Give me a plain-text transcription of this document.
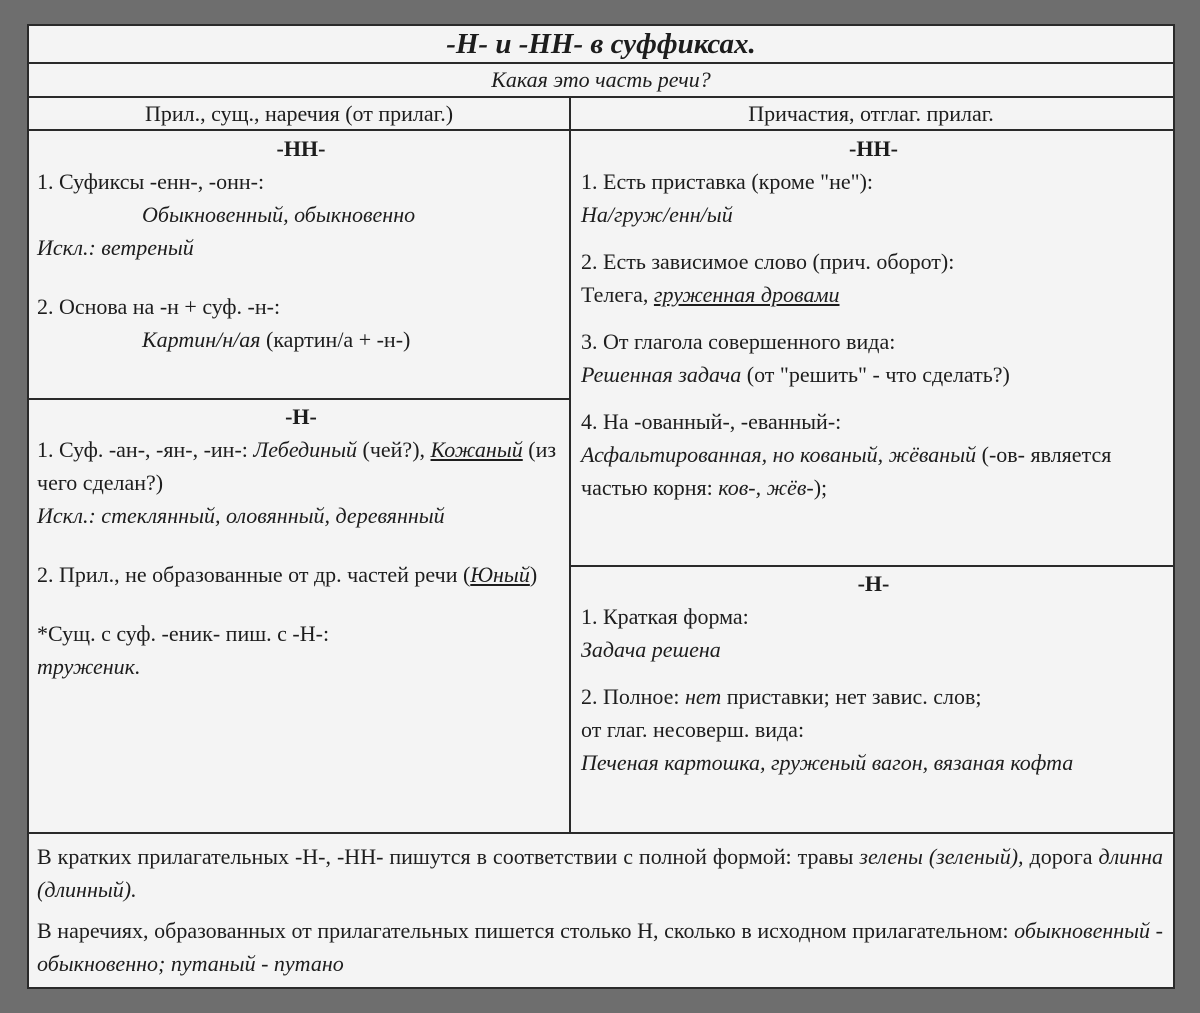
-Н- и -НН- в суффиксах.
Какая это часть речи?
Прил., сущ., наречия (от прилаг.)	Причастия, отглаг. прилаг.

-НН-

1. Суфиксы -енн-, -онн-:

Обыкновенный, обыкновенно

Искл.: ветреный

2. Основа на -н + суф. -н-:

Картин/н/ая (картин/а + -н-)

-Н-

1. Суф. -ан-, -ян-, -ин-: Лебединый (чей?), Кожаный (из чего сделан?)

Искл.: стеклянный, оловянный, деревянный

2. Прил., не образованные от др. частей речи (Юный)

*Сущ. с суф. -еник- пиш. с -Н-:

труженик.

-НН-

1. Есть приставка (кроме "не"):

На/груж/енн/ый

2. Есть зависимое слово (прич. оборот):

Телега, груженная дровами

3. От глагола совершенного вида:

Решенная задача (от "решить" - что сделать?)

4. На -ованный-, -еванный-:

Асфальтированная, но кованый, жёваный (-ов- является частью корня: ков-, жёв-);

-Н-

1. Краткая форма:

Задача решена

2. Полное: нет приставки; нет завис. слов;

от глаг. несоверш. вида:

Печеная картошка, груженый вагон, вязаная кофта

В кратких прилагательных -Н-, -НН- пишутся в соответствии с полной формой: травы зелены (зеленый), дорога длинна (длинный).

В наречиях, образованных от прилагательных пишется столько Н, сколько в исходном прилагательном: обыкновенный - обыкновенно; путаный - путано
